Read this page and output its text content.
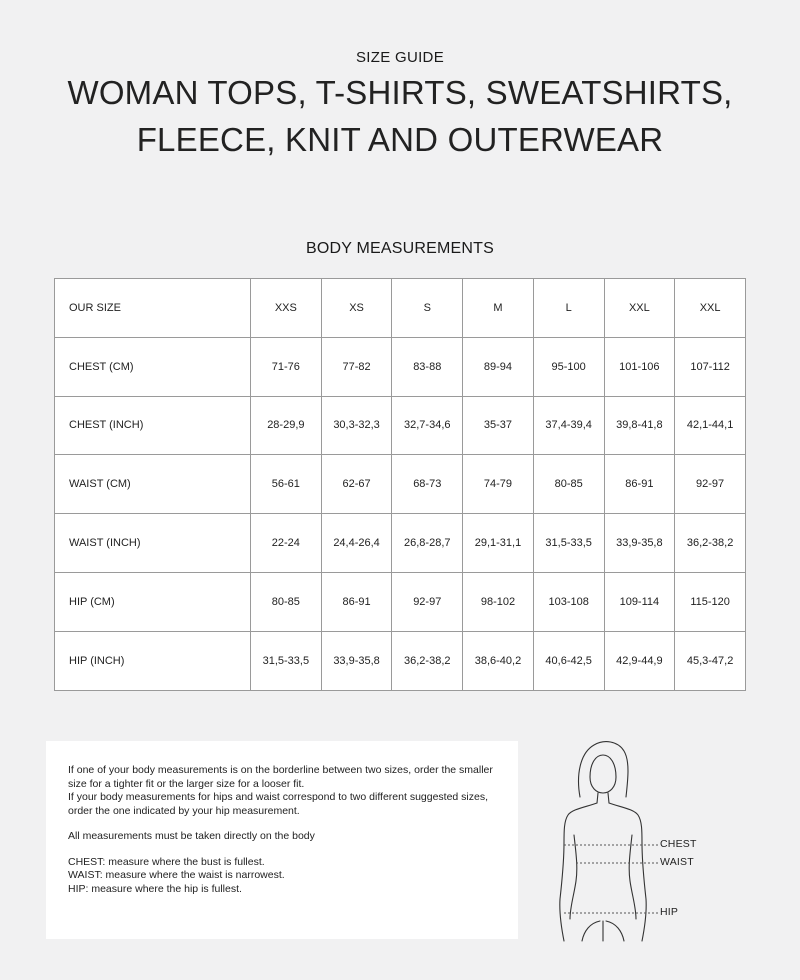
SIZE GUIDE
WOMAN TOPS, T-SHIRTS, SWEATSHIRTS,
FLEECE, KNIT AND OUTERWEAR
BODY MEASUREMENTS
OUR SIZE	XXS	XS	S	M	L	XXL	XXL
CHEST (CM)	71-76	77-82	83-88	89-94	95-100	101-106	107-112
CHEST (INCH)	28-29,9	30,3-32,3	32,7-34,6	35-37	37,4-39,4	39,8-41,8	42,1-44,1
WAIST (CM)	56-61	62-67	68-73	74-79	80-85	86-91	92-97
WAIST (INCH)	22-24	24,4-26,4	26,8-28,7	29,1-31,1	31,5-33,5	33,9-35,8	36,2-38,2
HIP (CM)	80-85	86-91	92-97	98-102	103-108	109-114	115-120
HIP (INCH)	31,5-33,5	33,9-35,8	36,2-38,2	38,6-40,2	40,6-42,5	42,9-44,9	45,3-47,2

If one of your body measurements is on the borderline between two sizes, order the smaller size for a tighter fit or the larger size for a looser fit.

If your body measurements for hips and waist correspond to two different suggested sizes, order the one indicated by your hip measurement.

All measurements must be taken directly on the body

CHEST: measure where the bust is fullest.

WAIST: measure where the waist is narrowest.

HIP: measure where the hip is fullest.

CHEST
WAIST
HIP
